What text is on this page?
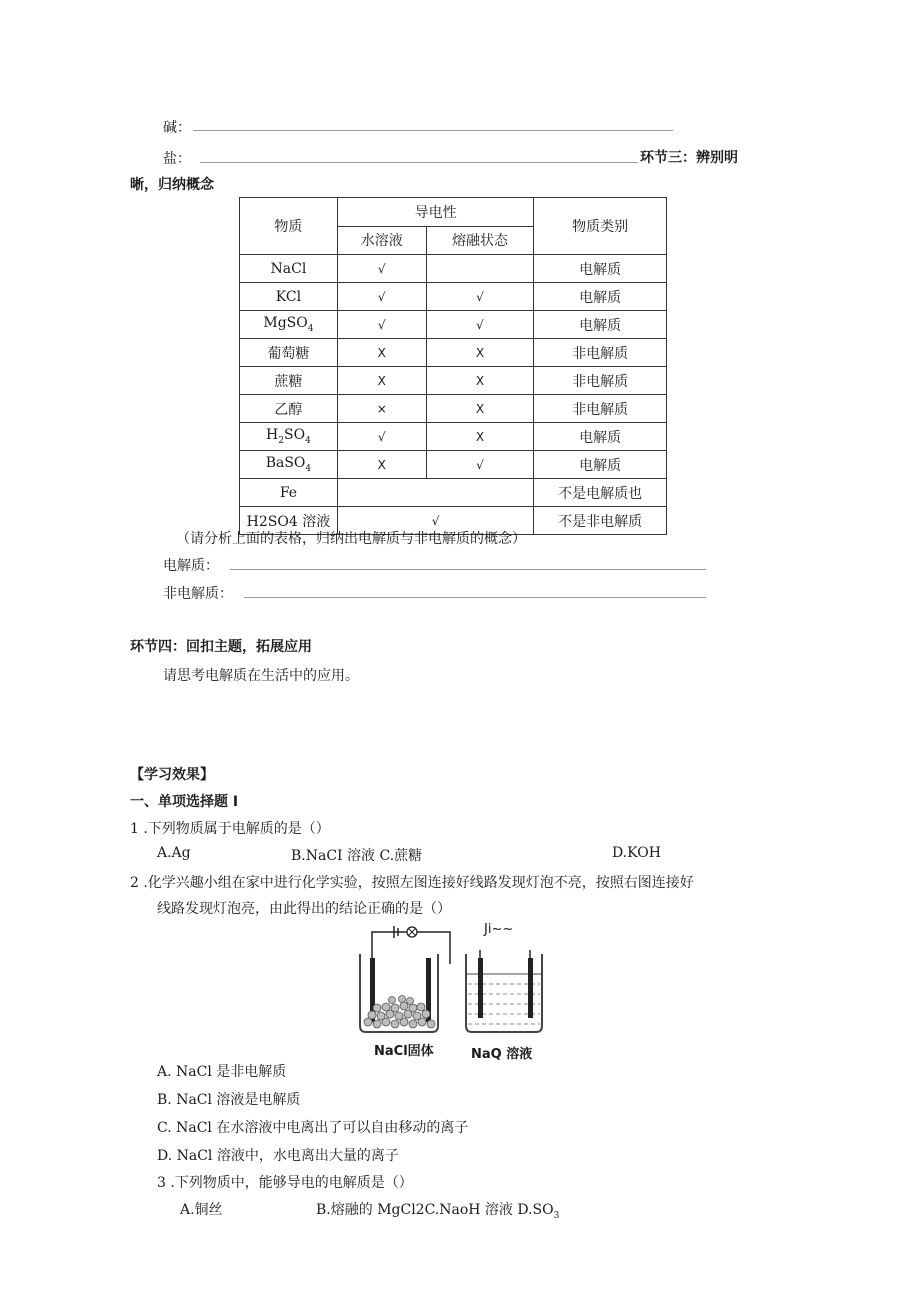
碱：
盐：	环节三：辨别明
晰，归纳概念
物质	导电性		物质类别
	水溶液	熔融状态	
NaCl	√		电解质
KCl	√	√	电解质
MgSO$_4$	√	√	电解质
葡萄糖	X	X	非电解质
蔗糖	X	X	非电解质
乙醇	×	X	非电解质
$H_2SO_4$	√	X	电解质
BaSO$_4$	X	√	电解质
Fe			不是电解质也
H2SO4 溶液	√		不是非电解质
（请分析上面的表格，归纳出电解质与非电解质的概念）
电解质：
非电解质：
环节四：回扣主题，拓展应用
请思考电解质在生活中的应用。
【学习效果】
一、单项选择题 I
1 .下列物质属于电解质的是（）
A.Ag	B.NaCI 溶液 C.蔗糖	D.KOH
2 .化学兴趣小组在家中进行化学实验，按照左图连接好线路发现灯泡不亮，按照右图连接好
线路发现灯泡亮，由此得出的结论正确的是（）
Ji~~
NaCl固体	NaQ 溶液
A. NaCl 是非电解质
B. NaCl 溶液是电解质
C. NaCl 在水溶液中电离出了可以自由移动的离子
D. NaCl 溶液中，水电离出大量的离子
3 .下列物质中，能够导电的电解质是（）
A.铜丝	B.熔融的 MgCl2C.NaoH 溶液 $D.SO_3$
